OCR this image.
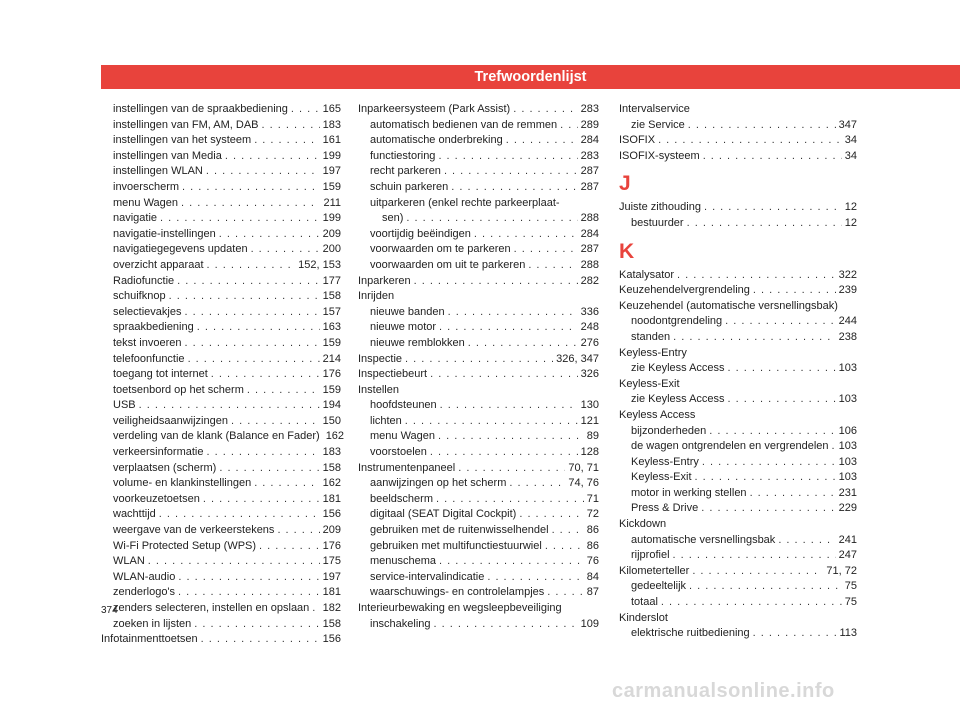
Trefwoordenlijst
instellingen van de spraakbediening . . .	165
instellingen van FM, AM, DAB . . .	183
instellingen van het systeem . . .	161
instellingen van Media . . .	199
instellingen WLAN . . .	197
invoerscherm . . .	159
menu Wagen . . .	211
navigatie . . .	199
navigatie-instellingen . . .	209
navigatiegegevens updaten . . .	200
overzicht apparaat . . .	152, 153
Radiofunctie . . .	177
schuifknop . . .	158
selectievakjes . . .	157
spraakbediening . . .	163
tekst invoeren . . .	159
telefoonfunctie . . .	214
toegang tot internet . . .	176
toetsenbord op het scherm . . .	159
USB . . .	194
veiligheidsaanwijzingen . . .	150
verdeling van de klank (Balance en Fader) 162
verkeersinformatie . . .	183
verplaatsen (scherm) . . .	158
volume- en klankinstellingen . . .	162
voorkeuzetoetsen . . .	181
wachttijd . . .	156
weergave van de verkeerstekens . . .	209
Wi-Fi Protected Setup (WPS) . . .	176
WLAN . . .	175
WLAN-audio . . .	197
zenderlogo's . . .	181
zenders selecteren, instellen en opslaan . . . 182
zoeken in lijsten . . .	158
Infotainmenttoetsen . . .	156
Inparkeersysteem (Park Assist) . . .	283
automatisch bedienen van de remmen . . . 289
automatische onderbreking . . .	284
functiestoring . . .	283
recht parkeren . . .	287
schuin parkeren . . .	287
uitparkeren (enkel rechte parkeerplaat-
sen) . . .	288
voortijdig beëindigen . . .	284
voorwaarden om te parkeren . . .	287
voorwaarden om uit te parkeren . . .	288
Inparkeren . . .	282
Inrijden
nieuwe banden . . .	336
nieuwe motor . . .	248
nieuwe remblokken . . .	276
Inspectie . . .	326, 347
Inspectiebeurt . . .	326
Instellen
hoofdsteunen . . .	130
lichten . . .	121
menu Wagen . . .	89
voorstoelen . . .	128
Instrumentenpaneel . . .	70, 71
aanwijzingen op het scherm . . .	74, 76
beeldscherm . . .	71
digitaal (SEAT Digital Cockpit) . . .	72
gebruiken met de ruitenwisselhendel . . .	86
gebruiken met multifunctiestuurwiel . . .	86
menuschema . . .	76
service-intervalindicatie . . .	84
waarschuwings- en controlelampjes . . .	87
Interieurbewaking en wegsleepbeveiliging
inschakeling . . .	109
Intervalservice
zie Service . . .	347
ISOFIX . . .	34
ISOFIX-systeem . . .	34
J
Juiste zithouding . . .	12
bestuurder . . .	12
K
Katalysator . . .	322
Keuzehendelvergrendeling . . .	239
Keuzehendel (automatische versnellingsbak)
noodontgrendeling . . .	244
standen . . .	238
Keyless-Entry
zie Keyless Access . . .	103
Keyless-Exit
zie Keyless Access . . .	103
Keyless Access
bijzonderheden . . .	106
de wagen ontgrendelen en vergrendelen . . . 103
Keyless-Entry . . .	103
Keyless-Exit . . .	103
motor in werking stellen . . .	231
Press & Drive . . .	229
Kickdown
automatische versnellingsbak . . .	241
rijprofiel . . .	247
Kilometerteller . . .	71, 72
gedeeltelijk . . .	75
totaal . . .	75
Kinderslot
elektrische ruitbediening . . .	113
374
carmanualsonline.info
